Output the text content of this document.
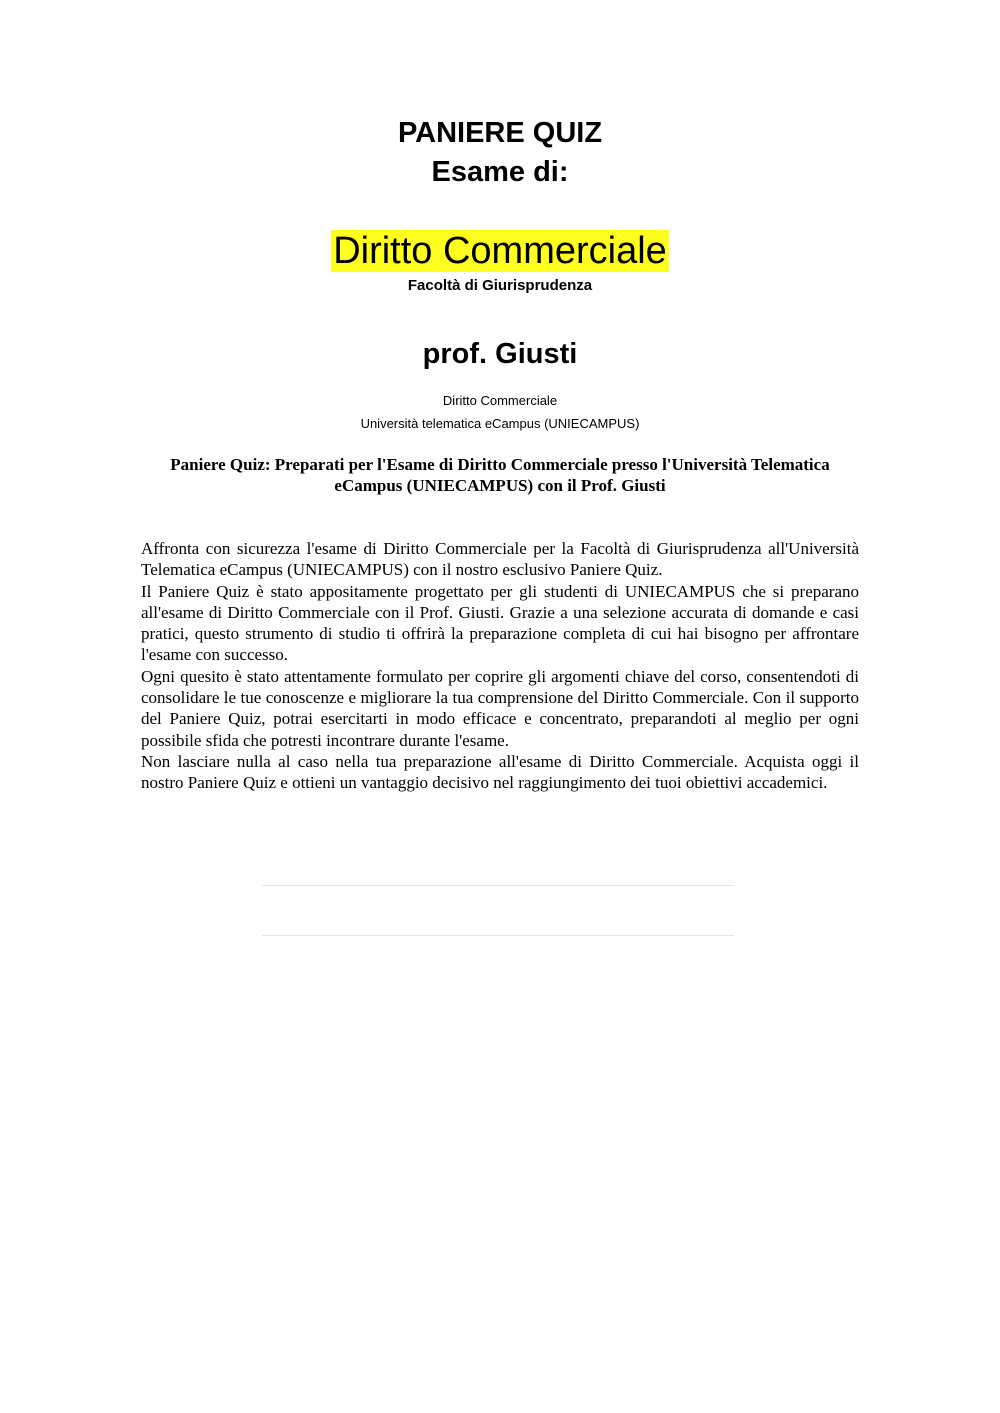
PANIERE QUIZ
Esame di:
Diritto Commerciale
Facoltà di Giurisprudenza
prof. Giusti
Diritto Commerciale
Università telematica eCampus (UNIECAMPUS)
Paniere Quiz: Preparati per l'Esame di Diritto Commerciale presso l'Università Telematica eCampus (UNIECAMPUS) con il Prof. Giusti

Affronta con sicurezza l'esame di Diritto Commerciale per la Facoltà di Giurisprudenza all'Università Telematica eCampus (UNIECAMPUS) con il nostro esclusivo Paniere Quiz.

Il Paniere Quiz è stato appositamente progettato per gli studenti di UNIECAMPUS che si preparano all'esame di Diritto Commerciale con il Prof. Giusti. Grazie a una selezione accurata di domande e casi pratici, questo strumento di studio ti offrirà la preparazione completa di cui hai bisogno per affrontare l'esame con successo.

Ogni quesito è stato attentamente formulato per coprire gli argomenti chiave del corso, consentendoti di consolidare le tue conoscenze e migliorare la tua comprensione del Diritto Commerciale. Con il supporto del Paniere Quiz, potrai esercitarti in modo efficace e concentrato, preparandoti al meglio per ogni possibile sfida che potresti incontrare durante l'esame.

Non lasciare nulla al caso nella tua preparazione all'esame di Diritto Commerciale. Acquista oggi il nostro Paniere Quiz e ottieni un vantaggio decisivo nel raggiungimento dei tuoi obiettivi accademici.
